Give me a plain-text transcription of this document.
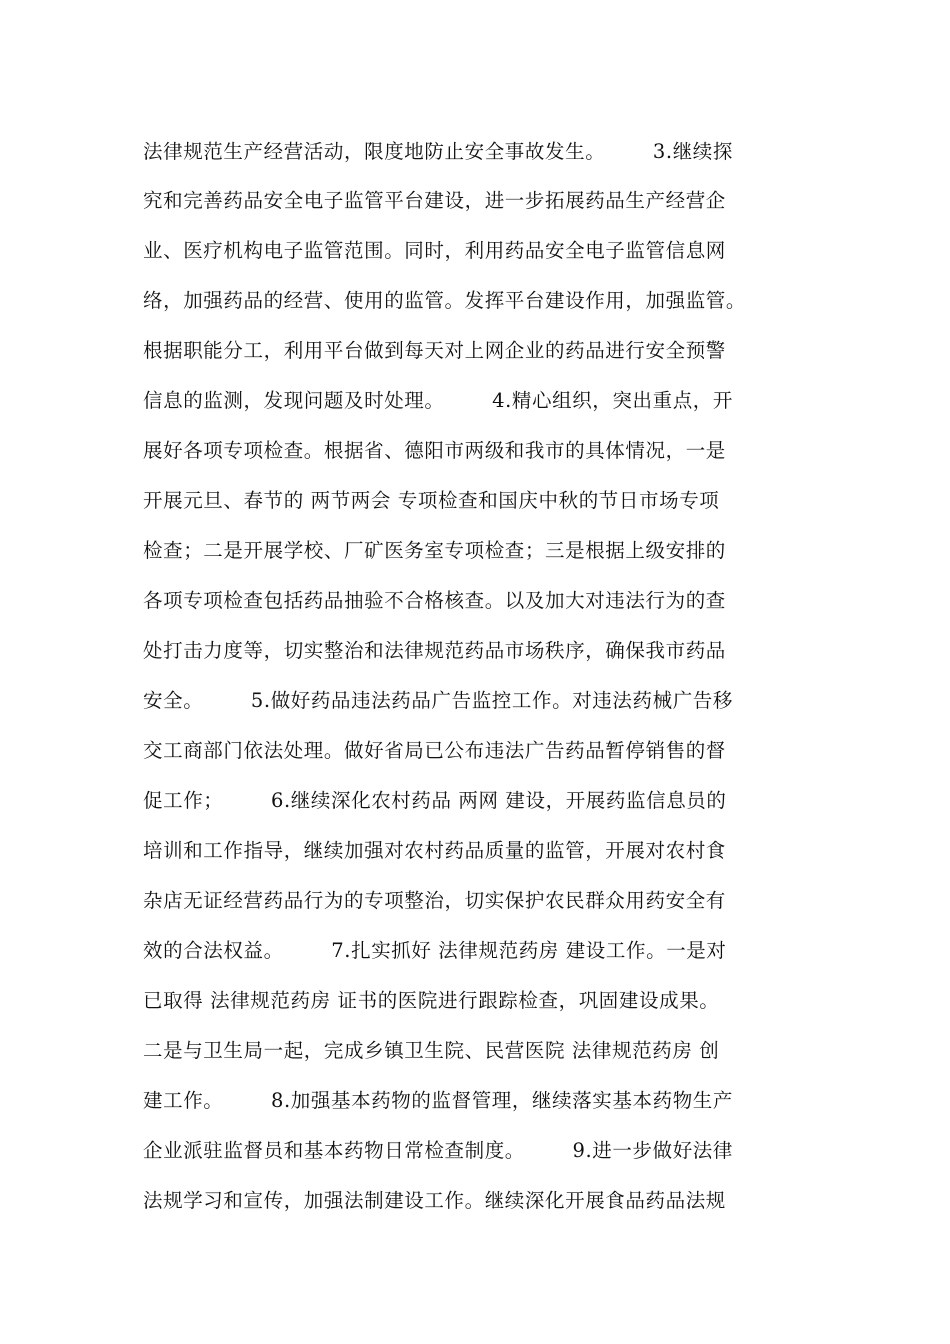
法律规范生产经营活动，限度地防止安全事故发生。       3.继续探
究和完善药品安全电子监管平台建设，进一步拓展药品生产经营企
业、医疗机构电子监管范围。同时，利用药品安全电子监管信息网
络，加强药品的经营、使用的监管。发挥平台建设作用，加强监管。
根据职能分工，利用平台做到每天对上网企业的药品进行安全预警
信息的监测，发现问题及时处理。       4.精心组织，突出重点，开
展好各项专项检查。根据省、德阳市两级和我市的具体情况，一是
开展元旦、春节的 两节两会 专项检查和国庆中秋的节日市场专项
检查；二是开展学校、厂矿医务室专项检查；三是根据上级安排的
各项专项检查包括药品抽验不合格核查。以及加大对违法行为的查
处打击力度等，切实整治和法律规范药品市场秩序，确保我市药品
安全。       5.做好药品违法药品广告监控工作。对违法药械广告移
交工商部门依法处理。做好省局已公布违法广告药品暂停销售的督
促工作；       6.继续深化农村药品 两网 建设，开展药监信息员的
培训和工作指导，继续加强对农村药品质量的监管，开展对农村食
杂店无证经营药品行为的专项整治，切实保护农民群众用药安全有
效的合法权益。       7.扎实抓好 法律规范药房 建设工作。一是对
已取得 法律规范药房 证书的医院进行跟踪检查，巩固建设成果。
二是与卫生局一起，完成乡镇卫生院、民营医院 法律规范药房 创
建工作。       8.加强基本药物的监督管理，继续落实基本药物生产
企业派驻监督员和基本药物日常检查制度。       9.进一步做好法律
法规学习和宣传，加强法制建设工作。继续深化开展食品药品法规
